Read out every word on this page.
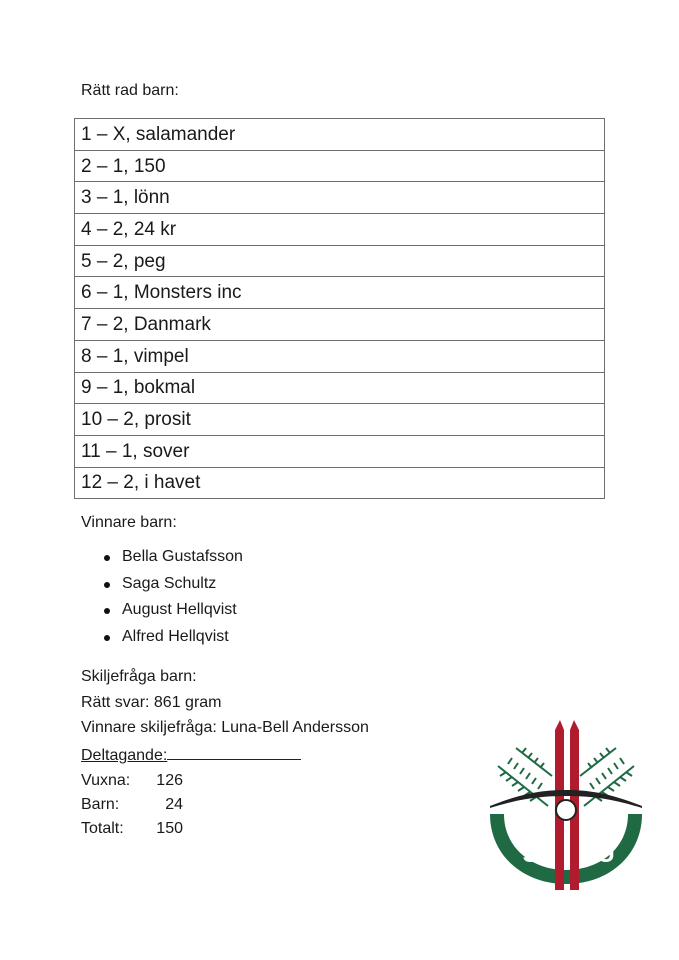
Rätt rad barn:
1 – X, salamander
2 – 1, 150
3 – 1, lönn
4 – 2, 24 kr
5 – 2, peg
6 – 1, Monsters inc
7 – 2, Danmark
8 – 1, vimpel
9 – 1, bokmal
10 – 2, prosit
11 – 1, sover
12 – 2, i havet
Vinnare barn:
Bella Gustafsson
Saga Schultz
August Hellqvist
Alfred Hellqvist
Skiljefråga barn:
Rätt svar: 861 gram
Vinnare skiljefråga: Luna-Bell Andersson
Deltagande:
Vuxna: 126
Barn:	24
Totalt: 150
SI SU
